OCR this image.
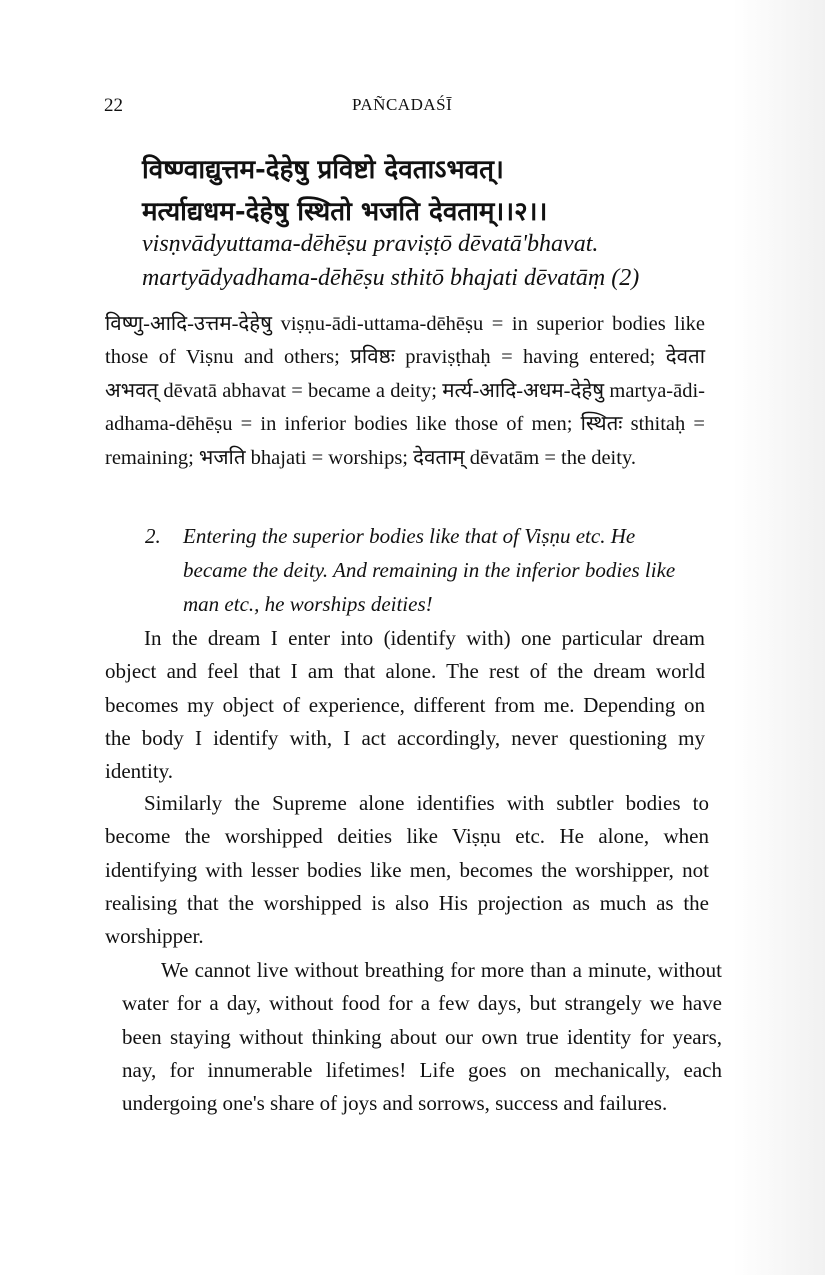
22	PAÑCADAŚĪ
विष्ण्वाद्युत्तम-देहेषु प्रविष्टो देवताऽभवत्।
मर्त्याद्यधम-देहेषु स्थितो भजति देवताम्।।२।।
visṇvādyuttama-dēhēṣu praviṣṭō dēvatā'bhavat.
martyādyadhama-dēhēṣu sthitō bhajati dēvatāṃ (2)
विष्णु-आदि-उत्तम-देहेषु viṣṇu-ādi-uttama-dēhēṣu = in superior bodies like those of Viṣnu and others; प्रविष्ठः praviṣṭhaḥ = having entered; देवता अभवत् dēvatā abhavat = became a deity; मर्त्य-आदि-अधम-देहेषु martya-ādi-adhama-dēhēṣu = in inferior bodies like those of men; स्थितः sthitaḥ = remaining; भजति bhajati = worships; देवताम् dēvatām = the deity.
2.	Entering the superior bodies like that of Viṣṇu etc. He became the deity. And remaining in the inferior bodies like man etc., he worships deities!
In the dream I enter into (identify with) one particular dream object and feel that I am that alone. The rest of the dream world becomes my object of experience, different from me. Depending on the body I identify with, I act accordingly, never questioning my identity.
Similarly the Supreme alone identifies with subtler bodies to become the worshipped deities like Viṣṇu etc. He alone, when identifying with lesser bodies like men, becomes the worshipper, not realising that the worshipped is also His projection as much as the worshipper.
We cannot live without breathing for more than a minute, without water for a day, without food for a few days, but strangely we have been staying without thinking about our own true identity for years, nay, for innumerable lifetimes! Life goes on mechanically, each undergoing one's share of joys and sorrows, success and failures.
